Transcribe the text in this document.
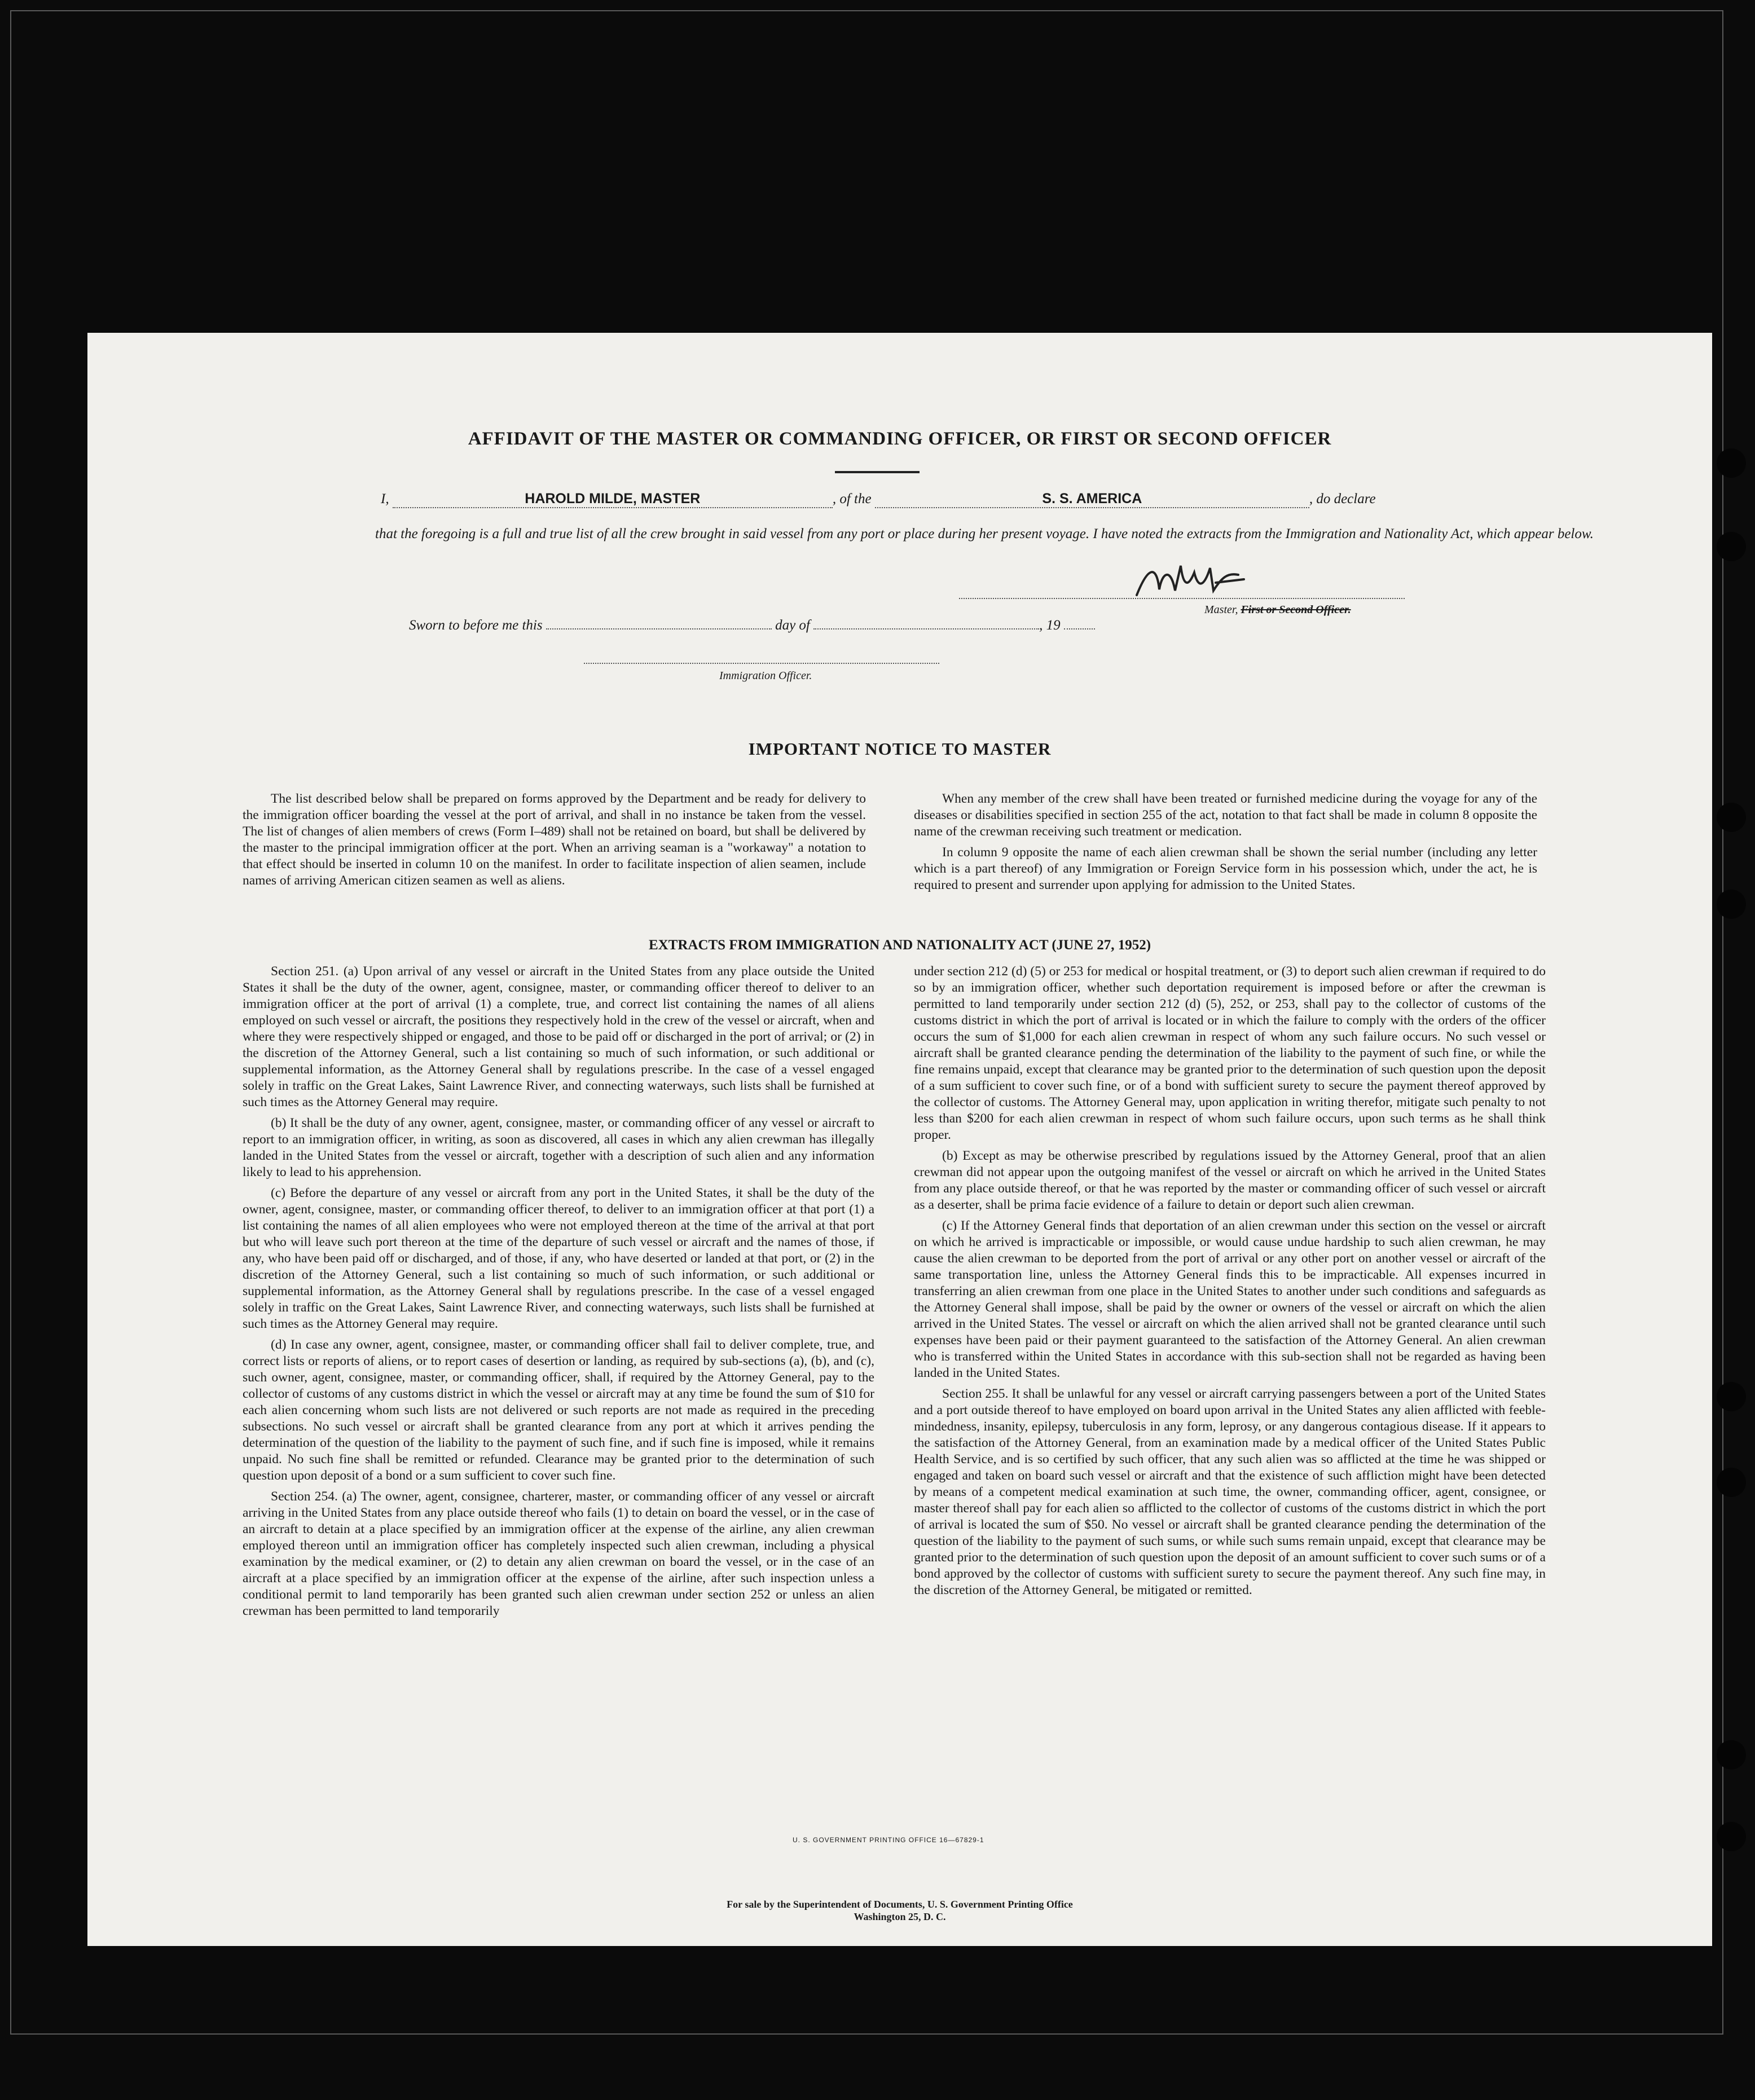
AFFIDAVIT OF THE MASTER OR COMMANDING OFFICER, OR FIRST OR SECOND OFFICER
I,	HAROLD MILDE, MASTER	, of the	S. S. AMERICA	, do declare
that the foregoing is a full and true list of all the crew brought in said vessel from any port or place during her present voyage. I have noted the extracts from the Immigration and Nationality Act, which appear below.
Master, First or Second Officer.
Sworn to before me this	day of	, 19
Immigration Officer.
IMPORTANT NOTICE TO MASTER

The list described below shall be prepared on forms approved by the Department and be ready for delivery to the immigration officer boarding the vessel at the port of arrival, and shall in no instance be taken from the vessel. The list of changes of alien members of crews (Form I–489) shall not be retained on board, but shall be delivered by the master to the principal immigration officer at the port. When an arriving seaman is a "workaway" a notation to that effect should be inserted in column 10 on the manifest. In order to facilitate inspection of alien seamen, include names of arriving American citizen seamen as well as aliens.

When any member of the crew shall have been treated or furnished medicine during the voyage for any of the diseases or disabilities specified in section 255 of the act, notation to that fact shall be made in column 8 opposite the name of the crewman receiving such treatment or medication.

In column 9 opposite the name of each alien crewman shall be shown the serial number (including any letter which is a part thereof) of any Immigration or Foreign Service form in his possession which, under the act, he is required to present and surrender upon applying for admission to the United States.

EXTRACTS FROM IMMIGRATION AND NATIONALITY ACT (JUNE 27, 1952)

Section 251. (a) Upon arrival of any vessel or aircraft in the United States from any place outside the United States it shall be the duty of the owner, agent, consignee, master, or commanding officer thereof to deliver to an immigration officer at the port of arrival (1) a complete, true, and correct list containing the names of all aliens employed on such vessel or aircraft, the positions they respectively hold in the crew of the vessel or aircraft, when and where they were respectively shipped or engaged, and those to be paid off or discharged in the port of arrival; or (2) in the discretion of the Attorney General, such a list containing so much of such information, or such additional or supplemental information, as the Attorney General shall by regulations prescribe. In the case of a vessel engaged solely in traffic on the Great Lakes, Saint Lawrence River, and connecting waterways, such lists shall be furnished at such times as the Attorney General may require.

(b) It shall be the duty of any owner, agent, consignee, master, or commanding officer of any vessel or aircraft to report to an immigration officer, in writing, as soon as discovered, all cases in which any alien crewman has illegally landed in the United States from the vessel or aircraft, together with a description of such alien and any information likely to lead to his apprehension.

(c) Before the departure of any vessel or aircraft from any port in the United States, it shall be the duty of the owner, agent, consignee, master, or commanding officer thereof, to deliver to an immigration officer at that port (1) a list containing the names of all alien employees who were not employed thereon at the time of the arrival at that port but who will leave such port thereon at the time of the departure of such vessel or aircraft and the names of those, if any, who have been paid off or discharged, and of those, if any, who have deserted or landed at that port, or (2) in the discretion of the Attorney General, such a list containing so much of such information, or such additional or supplemental information, as the Attorney General shall by regulations prescribe. In the case of a vessel engaged solely in traffic on the Great Lakes, Saint Lawrence River, and connecting waterways, such lists shall be furnished at such times as the Attorney General may require.

(d) In case any owner, agent, consignee, master, or commanding officer shall fail to deliver complete, true, and correct lists or reports of aliens, or to report cases of desertion or landing, as required by sub-sections (a), (b), and (c), such owner, agent, consignee, master, or commanding officer, shall, if required by the Attorney General, pay to the collector of customs of any customs district in which the vessel or aircraft may at any time be found the sum of $10 for each alien concerning whom such lists are not delivered or such reports are not made as required in the preceding subsections. No such vessel or aircraft shall be granted clearance from any port at which it arrives pending the determination of the question of the liability to the payment of such fine, and if such fine is imposed, while it remains unpaid. No such fine shall be remitted or refunded. Clearance may be granted prior to the determination of such question upon deposit of a bond or a sum sufficient to cover such fine.

Section 254. (a) The owner, agent, consignee, charterer, master, or commanding officer of any vessel or aircraft arriving in the United States from any place outside thereof who fails (1) to detain on board the vessel, or in the case of an aircraft to detain at a place specified by an immigration officer at the expense of the airline, any alien crewman employed thereon until an immigration officer has completely inspected such alien crewman, including a physical examination by the medical examiner, or (2) to detain any alien crewman on board the vessel, or in the case of an aircraft at a place specified by an immigration officer at the expense of the airline, after such inspection unless a conditional permit to land temporarily has been granted such alien crewman under section 252 or unless an alien crewman has been permitted to land temporarily

under section 212 (d) (5) or 253 for medical or hospital treatment, or (3) to deport such alien crewman if required to do so by an immigration officer, whether such deportation requirement is imposed before or after the crewman is permitted to land temporarily under section 212 (d) (5), 252, or 253, shall pay to the collector of customs of the customs district in which the port of arrival is located or in which the failure to comply with the orders of the officer occurs the sum of $1,000 for each alien crewman in respect of whom any such failure occurs. No such vessel or aircraft shall be granted clearance pending the determination of the liability to the payment of such fine, or while the fine remains unpaid, except that clearance may be granted prior to the determination of such question upon the deposit of a sum sufficient to cover such fine, or of a bond with sufficient surety to secure the payment thereof approved by the collector of customs. The Attorney General may, upon application in writing therefor, mitigate such penalty to not less than $200 for each alien crewman in respect of whom such failure occurs, upon such terms as he shall think proper.

(b) Except as may be otherwise prescribed by regulations issued by the Attorney General, proof that an alien crewman did not appear upon the outgoing manifest of the vessel or aircraft on which he arrived in the United States from any place outside thereof, or that he was reported by the master or commanding officer of such vessel or aircraft as a deserter, shall be prima facie evidence of a failure to detain or deport such alien crewman.

(c) If the Attorney General finds that deportation of an alien crewman under this section on the vessel or aircraft on which he arrived is impracticable or impossible, or would cause undue hardship to such alien crewman, he may cause the alien crewman to be deported from the port of arrival or any other port on another vessel or aircraft of the same transportation line, unless the Attorney General finds this to be impracticable. All expenses incurred in transferring an alien crewman from one place in the United States to another under such conditions and safeguards as the Attorney General shall impose, shall be paid by the owner or owners of the vessel or aircraft on which the alien arrived in the United States. The vessel or aircraft on which the alien arrived shall not be granted clearance until such expenses have been paid or their payment guaranteed to the satisfaction of the Attorney General. An alien crewman who is transferred within the United States in accordance with this sub-section shall not be regarded as having been landed in the United States.

Section 255. It shall be unlawful for any vessel or aircraft carrying passengers between a port of the United States and a port outside thereof to have employed on board upon arrival in the United States any alien afflicted with feeble-mindedness, insanity, epilepsy, tuberculosis in any form, leprosy, or any dangerous contagious disease. If it appears to the satisfaction of the Attorney General, from an examination made by a medical officer of the United States Public Health Service, and is so certified by such officer, that any such alien was so afflicted at the time he was shipped or engaged and taken on board such vessel or aircraft and that the existence of such affliction might have been detected by means of a competent medical examination at such time, the owner, commanding officer, agent, consignee, or master thereof shall pay for each alien so afflicted to the collector of customs of the customs district in which the port of arrival is located the sum of $50. No vessel or aircraft shall be granted clearance pending the determination of the question of the liability to the payment of such sums, or while such sums remain unpaid, except that clearance may be granted prior to the determination of such question upon the deposit of an amount sufficient to cover such sums or of a bond approved by the collector of customs with sufficient surety to secure the payment thereof. Any such fine may, in the discretion of the Attorney General, be mitigated or remitted.

U. S. GOVERNMENT PRINTING OFFICE 16—67829-1
For sale by the Superintendent of Documents, U. S. Government Printing Office
Washington 25, D. C.
